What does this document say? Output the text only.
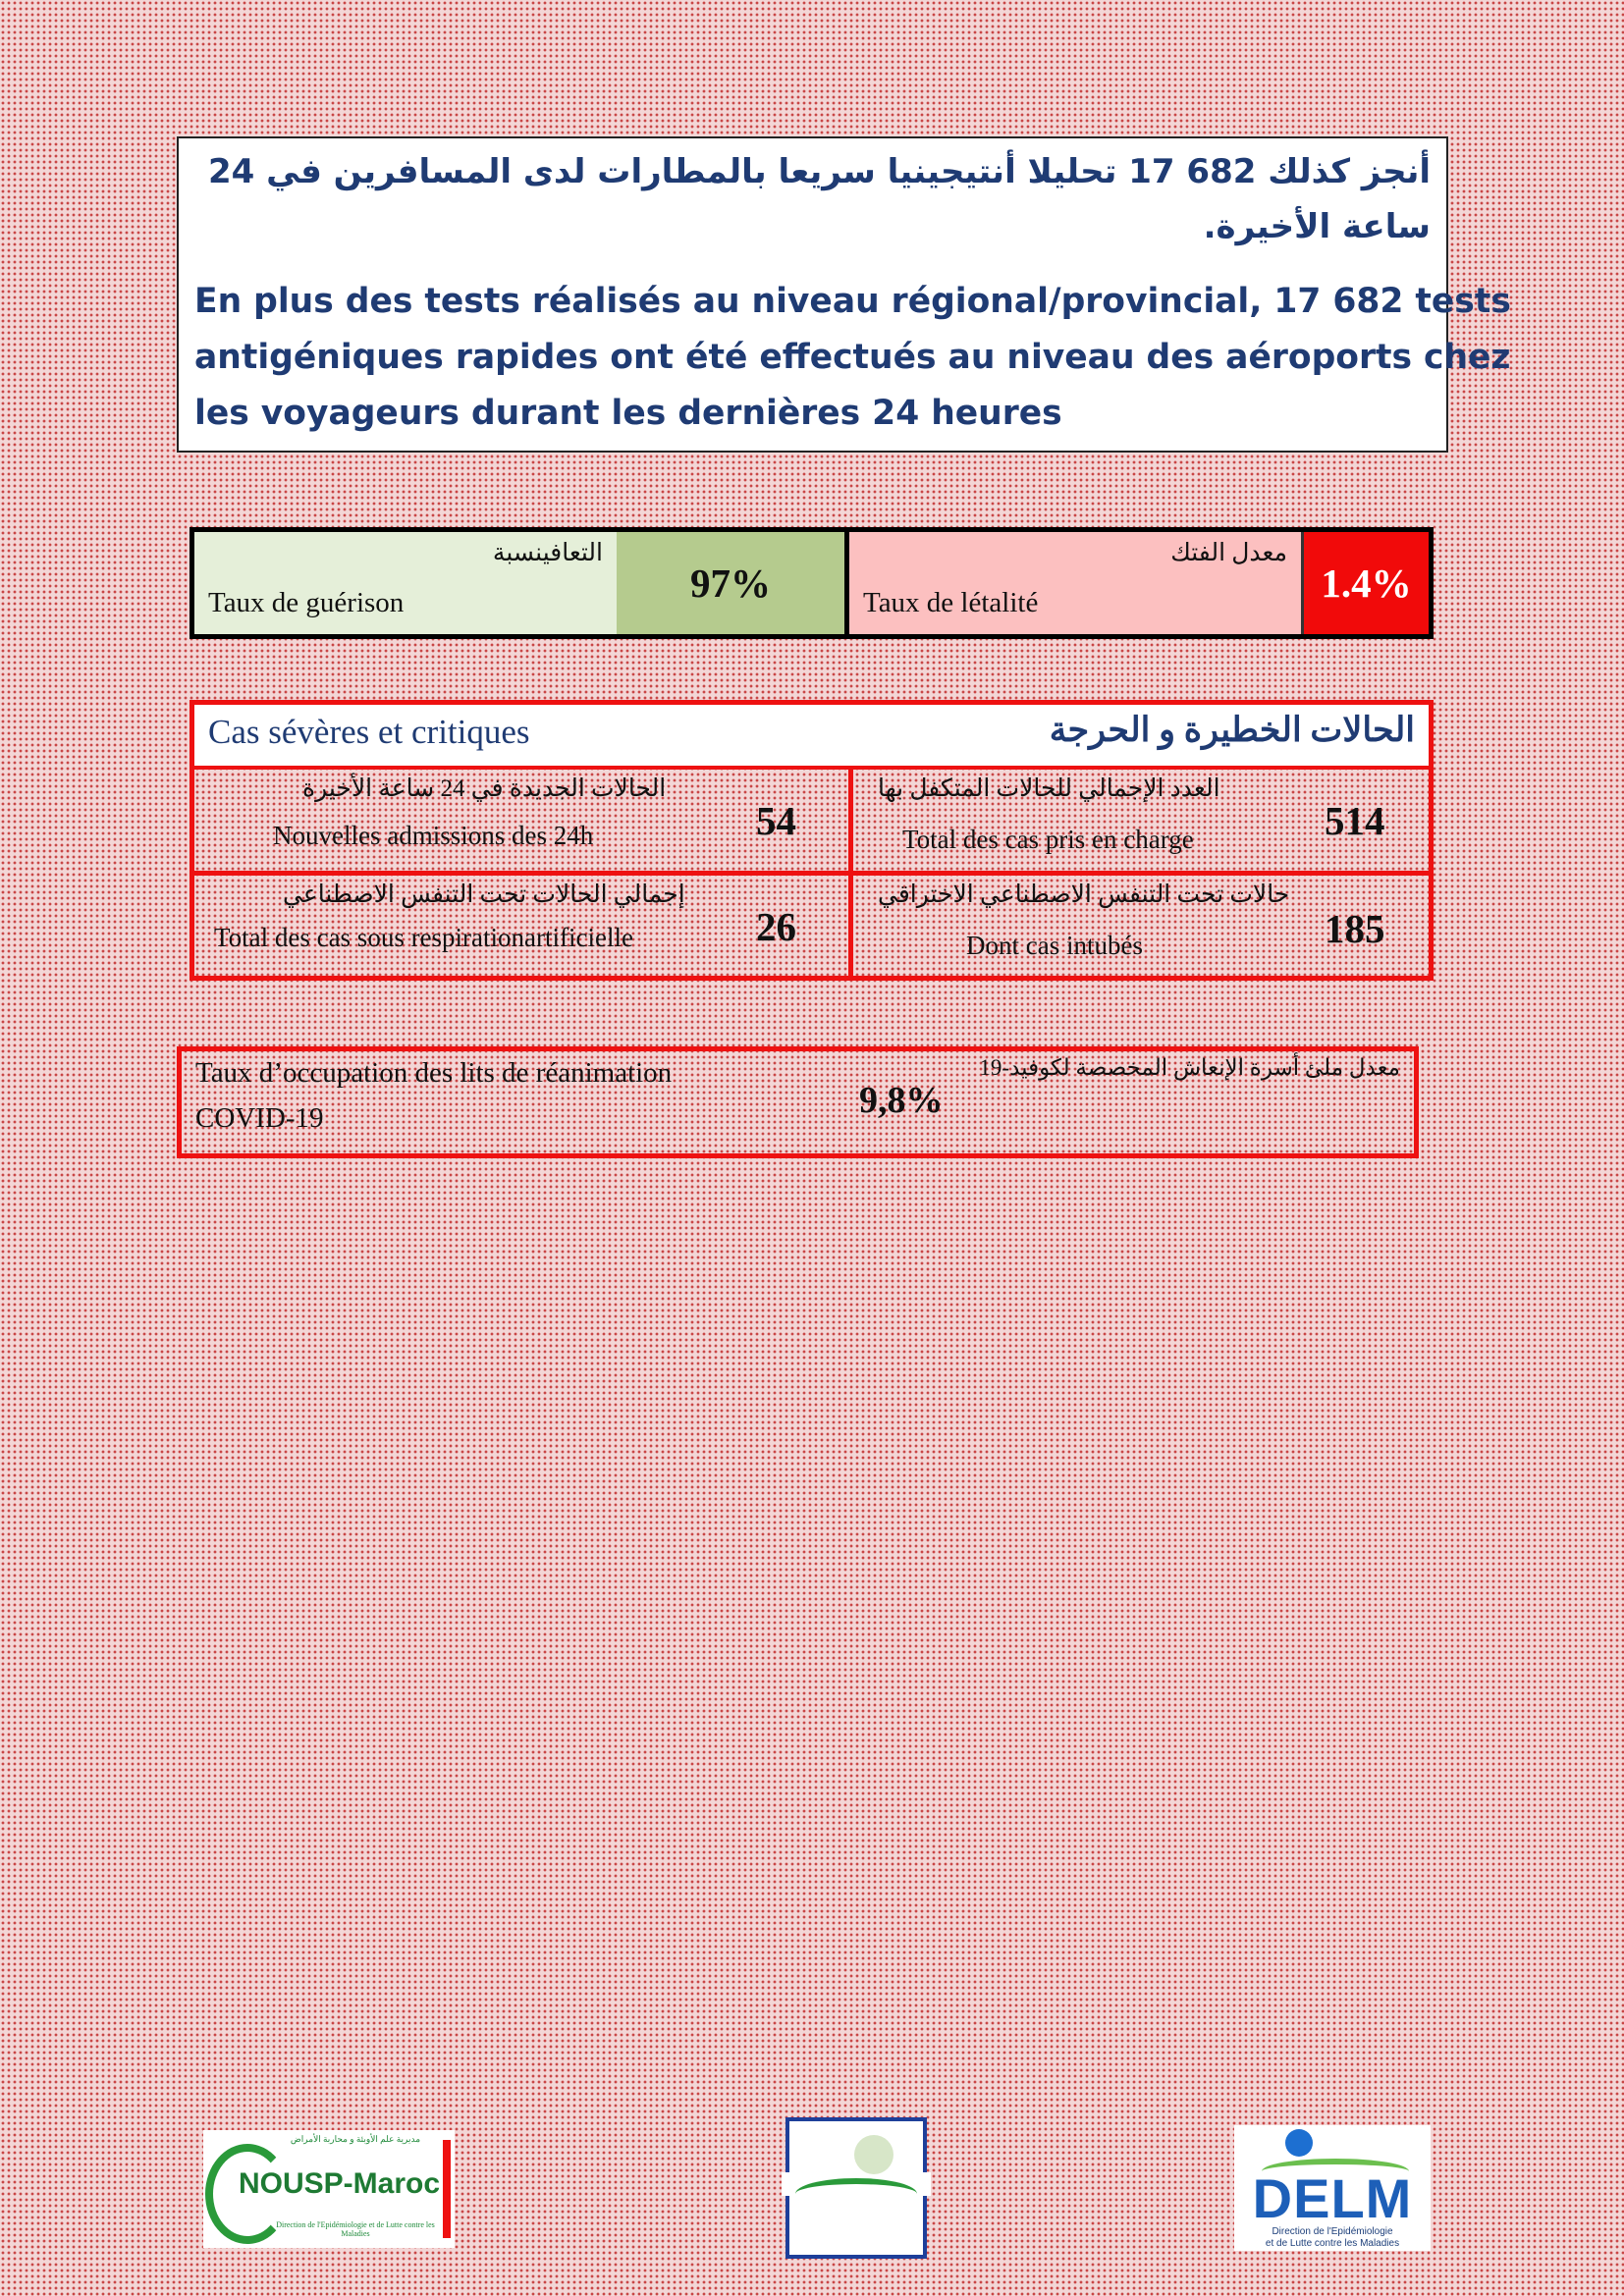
أنجز كذلك 682 17 تحليلا أنتيجينيا سريعا بالمطارات لدى المسافرين في 24 ساعة الأخيرة.
En plus des tests réalisés au niveau régional/provincial, 17 682 tests
antigéniques rapides ont été effectués au niveau des aéroports chez
les voyageurs durant les dernières 24 heures
التعافينسبة
Taux de guérison	97%
معدل الفتك
Taux de létalité	1.4%
Cas sévères et critiques	الحالات الخطيرة و الحرجة
الحالات الجديدة في 24 ساعة الأخيرة
Nouvelles admissions des 24h	54
العدد الإجمالي للحالات المتكفل بها
Total des cas pris en charge	514
إجمالي الحالات تحت التنفس الاصطناعي
Total des cas sous respirationartificielle	26
حالات تحت التنفس الاصطناعي الاختراقي
Dont cas intubés	185
Taux d’occupation des lits de réanimation
COVID-19
معدل ملئ أسرة الإنعاش المخصصة لكوفيد-19
9,8%
مديرية علم الأوبئة و محاربة الأمراض
NOUSP-Maroc
Direction de l'Epidémiologie et de Lutte contre les Maladies
DELM
Direction de l'Epidémiologie
et de Lutte contre les Maladies
